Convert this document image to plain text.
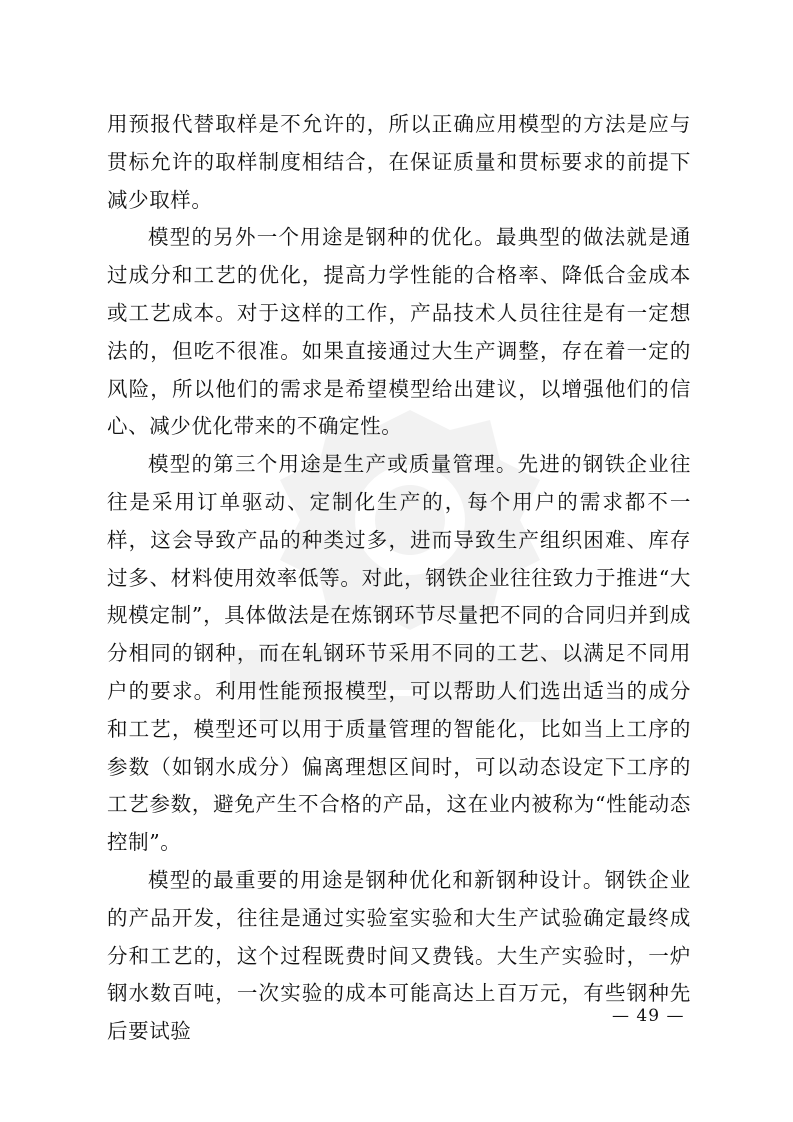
用预报代替取样是不允许的，所以正确应用模型的方法是应与贯标允许的取样制度相结合，在保证质量和贯标要求的前提下减少取样。

模型的另外一个用途是钢种的优化。最典型的做法就是通过成分和工艺的优化，提高力学性能的合格率、降低合金成本或工艺成本。对于这样的工作，产品技术人员往往是有一定想法的，但吃不很准。如果直接通过大生产调整，存在着一定的风险，所以他们的需求是希望模型给出建议，以增强他们的信心、减少优化带来的不确定性。

模型的第三个用途是生产或质量管理。先进的钢铁企业往往是采用订单驱动、定制化生产的，每个用户的需求都不一样，这会导致产品的种类过多，进而导致生产组织困难、库存过多、材料使用效率低等。对此，钢铁企业往往致力于推进“大规模定制”，具体做法是在炼钢环节尽量把不同的合同归并到成分相同的钢种，而在轧钢环节采用不同的工艺、以满足不同用户的要求。利用性能预报模型，可以帮助人们选出适当的成分和工艺，模型还可以用于质量管理的智能化，比如当上工序的参数（如钢水成分）偏离理想区间时，可以动态设定下工序的工艺参数，避免产生不合格的产品，这在业内被称为“性能动态控制”。

模型的最重要的用途是钢种优化和新钢种设计。钢铁企业的产品开发，往往是通过实验室实验和大生产试验确定最终成分和工艺的，这个过程既费时间又费钱。大生产实验时，一炉钢水数百吨，一次实验的成本可能高达上百万元，有些钢种先后要试验

— 49 —
